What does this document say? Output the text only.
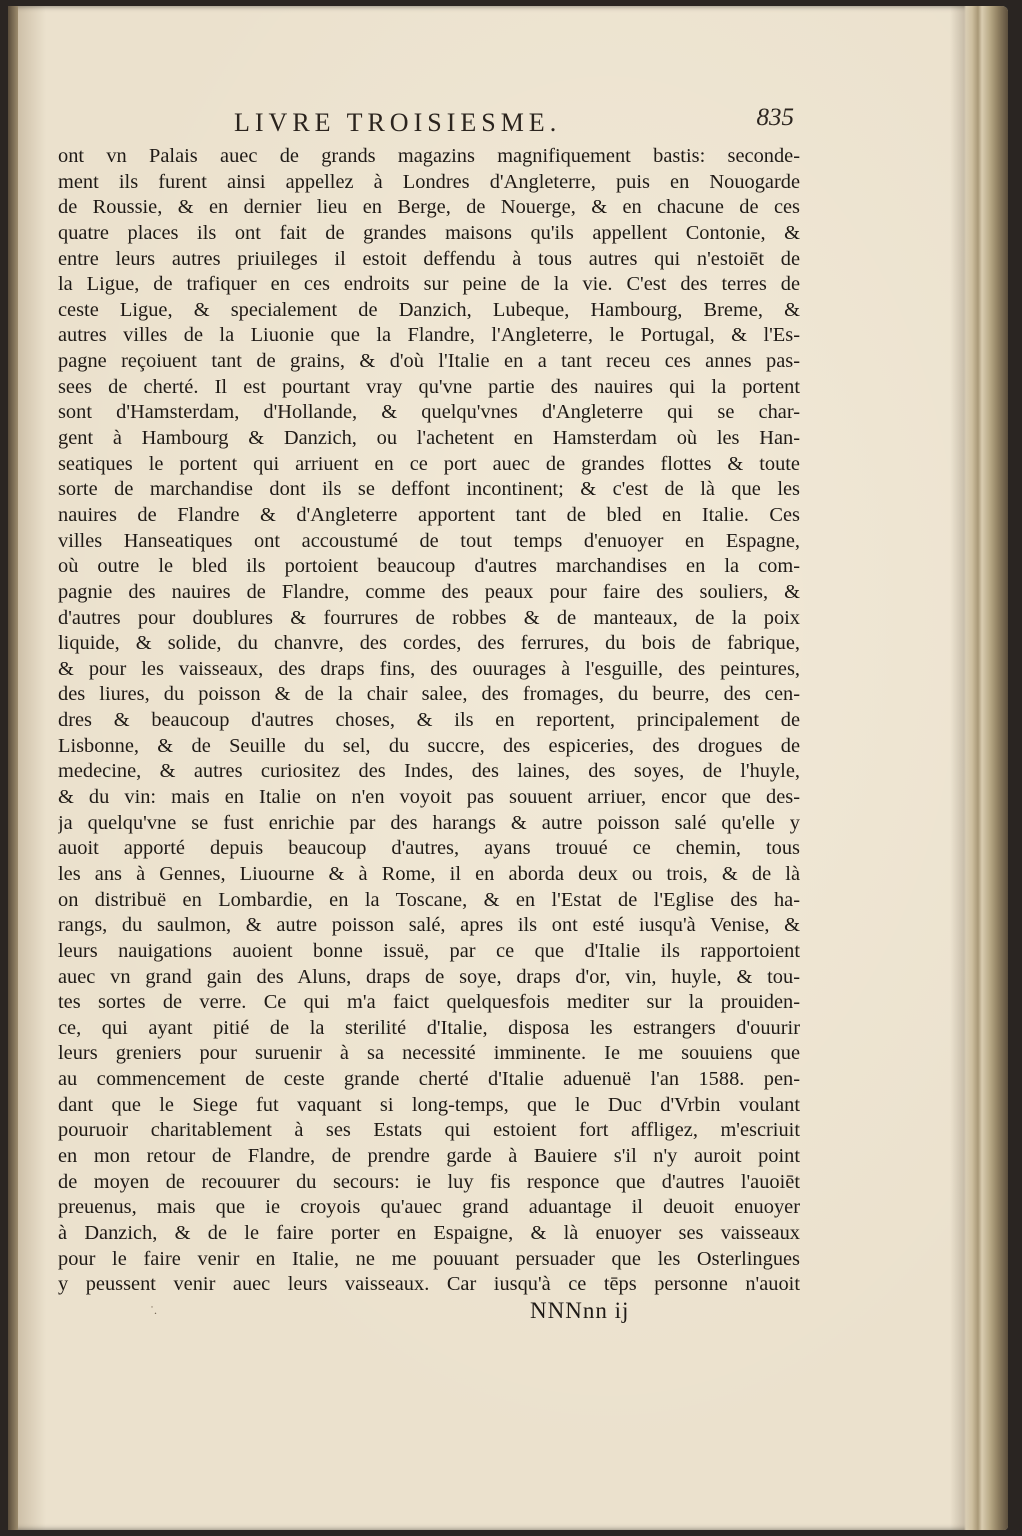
LIVRE TROISIESME.	835
ont vn Palais auec de grands magazins magnifiquement bastis: seconde-
ment ils furent ainsi appellez à Londres d'Angleterre, puis en Nouogarde
de Roussie, & en dernier lieu en Berge, de Nouerge, & en chacune de ces
quatre places ils ont fait de grandes maisons qu'ils appellent Contonie, &
entre leurs autres priuileges il estoit deffendu à tous autres qui n'estoiēt de
la Ligue, de trafiquer en ces endroits sur peine de la vie. C'est des terres de
ceste Ligue, & specialement de Danzich, Lubeque, Hambourg, Breme, &
autres villes de la Liuonie que la Flandre, l'Angleterre, le Portugal, & l'Es-
pagne reçoiuent tant de grains, & d'où l'Italie en a tant receu ces annes pas-
sees de cherté. Il est pourtant vray qu'vne partie des nauires qui la portent
sont d'Hamsterdam, d'Hollande, & quelqu'vnes d'Angleterre qui se char-
gent à Hambourg & Danzich, ou l'achetent en Hamsterdam où les Han-
seatiques le portent qui arriuent en ce port auec de grandes flottes & toute
sorte de marchandise dont ils se deffont incontinent; & c'est de là que les
nauires de Flandre & d'Angleterre apportent tant de bled en Italie. Ces
villes Hanseatiques ont accoustumé de tout temps d'enuoyer en Espagne,
où outre le bled ils portoient beaucoup d'autres marchandises en la com-
pagnie des nauires de Flandre, comme des peaux pour faire des souliers, &
d'autres pour doublures & fourrures de robbes & de manteaux, de la poix
liquide, & solide, du chanvre, des cordes, des ferrures, du bois de fabrique,
& pour les vaisseaux, des draps fins, des ouurages à l'esguille, des peintures,
des liures, du poisson & de la chair salee, des fromages, du beurre, des cen-
dres & beaucoup d'autres choses, & ils en reportent, principalement de
Lisbonne, & de Seuille du sel, du succre, des espiceries, des drogues de
medecine, & autres curiositez des Indes, des laines, des soyes, de l'huyle,
& du vin: mais en Italie on n'en voyoit pas souuent arriuer, encor que des-
ja quelqu'vne se fust enrichie par des harangs & autre poisson salé qu'elle y
auoit apporté depuis beaucoup d'autres, ayans trouué ce chemin, tous
les ans à Gennes, Liuourne & à Rome, il en aborda deux ou trois, & de là
on distribuë en Lombardie, en la Toscane, & en l'Estat de l'Eglise des ha-
rangs, du saulmon, & autre poisson salé, apres ils ont esté iusqu'à Venise, &
leurs nauigations auoient bonne issuë, par ce que d'Italie ils rapportoient
auec vn grand gain des Aluns, draps de soye, draps d'or, vin, huyle, & tou-
tes sortes de verre. Ce qui m'a faict quelquesfois mediter sur la prouiden-
ce, qui ayant pitié de la sterilité d'Italie, disposa les estrangers d'ouurir
leurs greniers pour suruenir à sa necessité imminente. Ie me souuiens que
au commencement de ceste grande cherté d'Italie aduenuë l'an 1588. pen-
dant que le Siege fut vaquant si long-temps, que le Duc d'Vrbin voulant
pouruoir charitablement à ses Estats qui estoient fort affligez, m'escriuit
en mon retour de Flandre, de prendre garde à Bauiere s'il n'y auroit point
de moyen de recouurer du secours: ie luy fis responce que d'autres l'auoiēt
preuenus, mais que ie croyois qu'auec grand aduantage il deuoit enuoyer
à Danzich, & de le faire porter en Espaigne, & là enuoyer ses vaisseaux
pour le faire venir en Italie, ne me pouuant persuader que les Osterlingues
y peussent venir auec leurs vaisseaux. Car iusqu'à ce tēps personne n'auoit
˙.	NNNnn ij
